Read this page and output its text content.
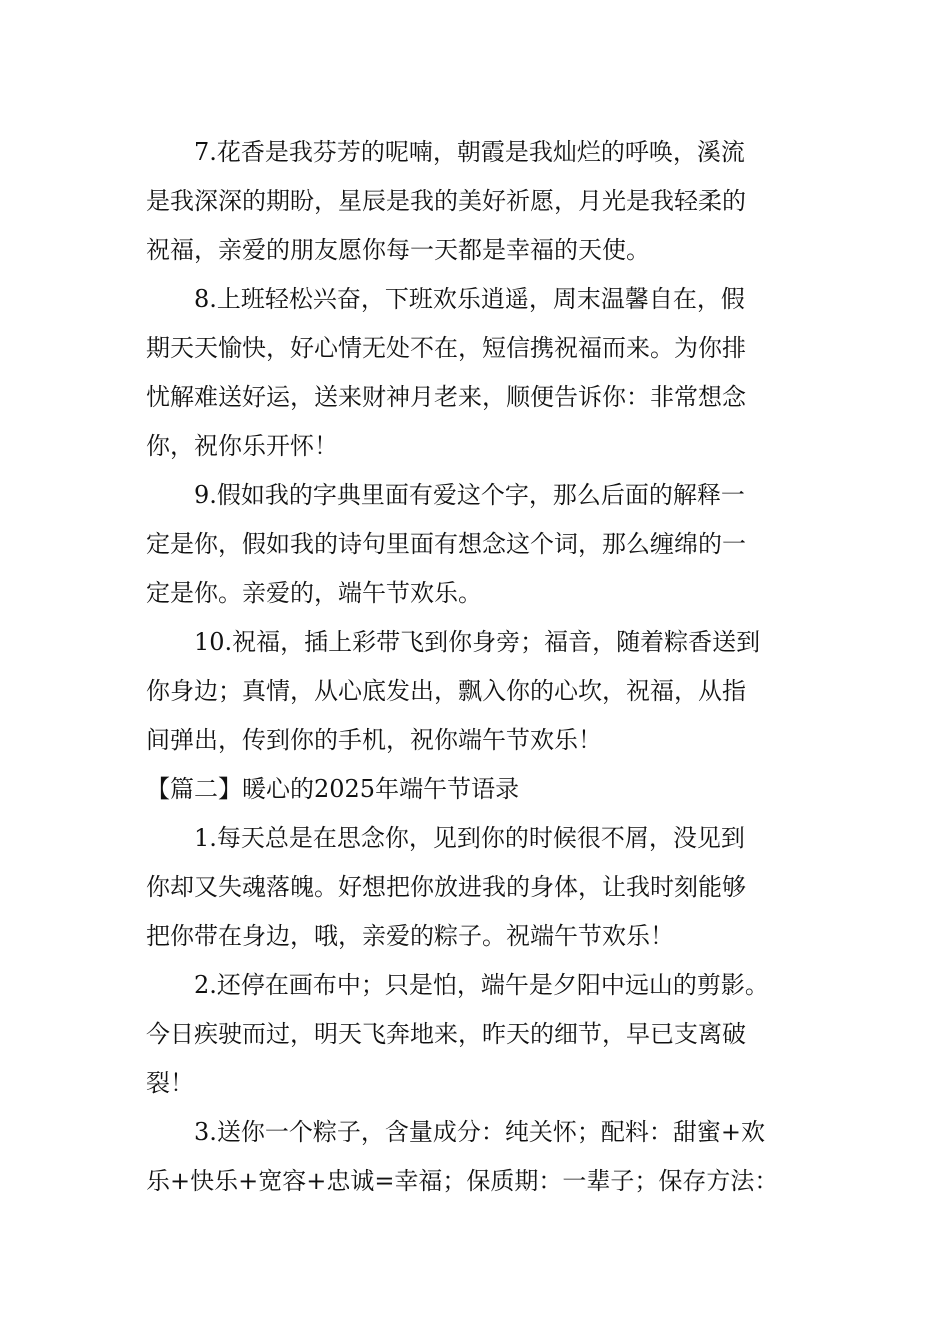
7.花香是我芬芳的呢喃，朝霞是我灿烂的呼唤，溪流
是我深深的期盼，星辰是我的美好祈愿，月光是我轻柔的
祝福，亲爱的朋友愿你每一天都是幸福的天使。
8.上班轻松兴奋，下班欢乐逍遥，周末温馨自在，假
期天天愉快，好心情无处不在，短信携祝福而来。为你排
忧解难送好运，送来财神月老来，顺便告诉你：非常想念
你，祝你乐开怀！
9.假如我的字典里面有爱这个字，那么后面的解释一
定是你，假如我的诗句里面有想念这个词，那么缠绵的一
定是你。亲爱的，端午节欢乐。
10.祝福，插上彩带飞到你身旁；福音，随着粽香送到
你身边；真情，从心底发出，飘入你的心坎，祝福，从指
间弹出，传到你的手机，祝你端午节欢乐！
【篇二】暖心的2025年端午节语录
1.每天总是在思念你，见到你的时候很不屑，没见到
你却又失魂落魄。好想把你放进我的身体，让我时刻能够
把你带在身边，哦，亲爱的粽子。祝端午节欢乐！
2.还停在画布中；只是怕，端午是夕阳中远山的剪影。
今日疾驶而过，明天飞奔地来，昨天的细节，早已支离破
裂！
3.送你一个粽子，含量成分：纯关怀；配料：甜蜜+欢
乐+快乐+宽容+忠诚=幸福；保质期：一辈子；保存方法：
